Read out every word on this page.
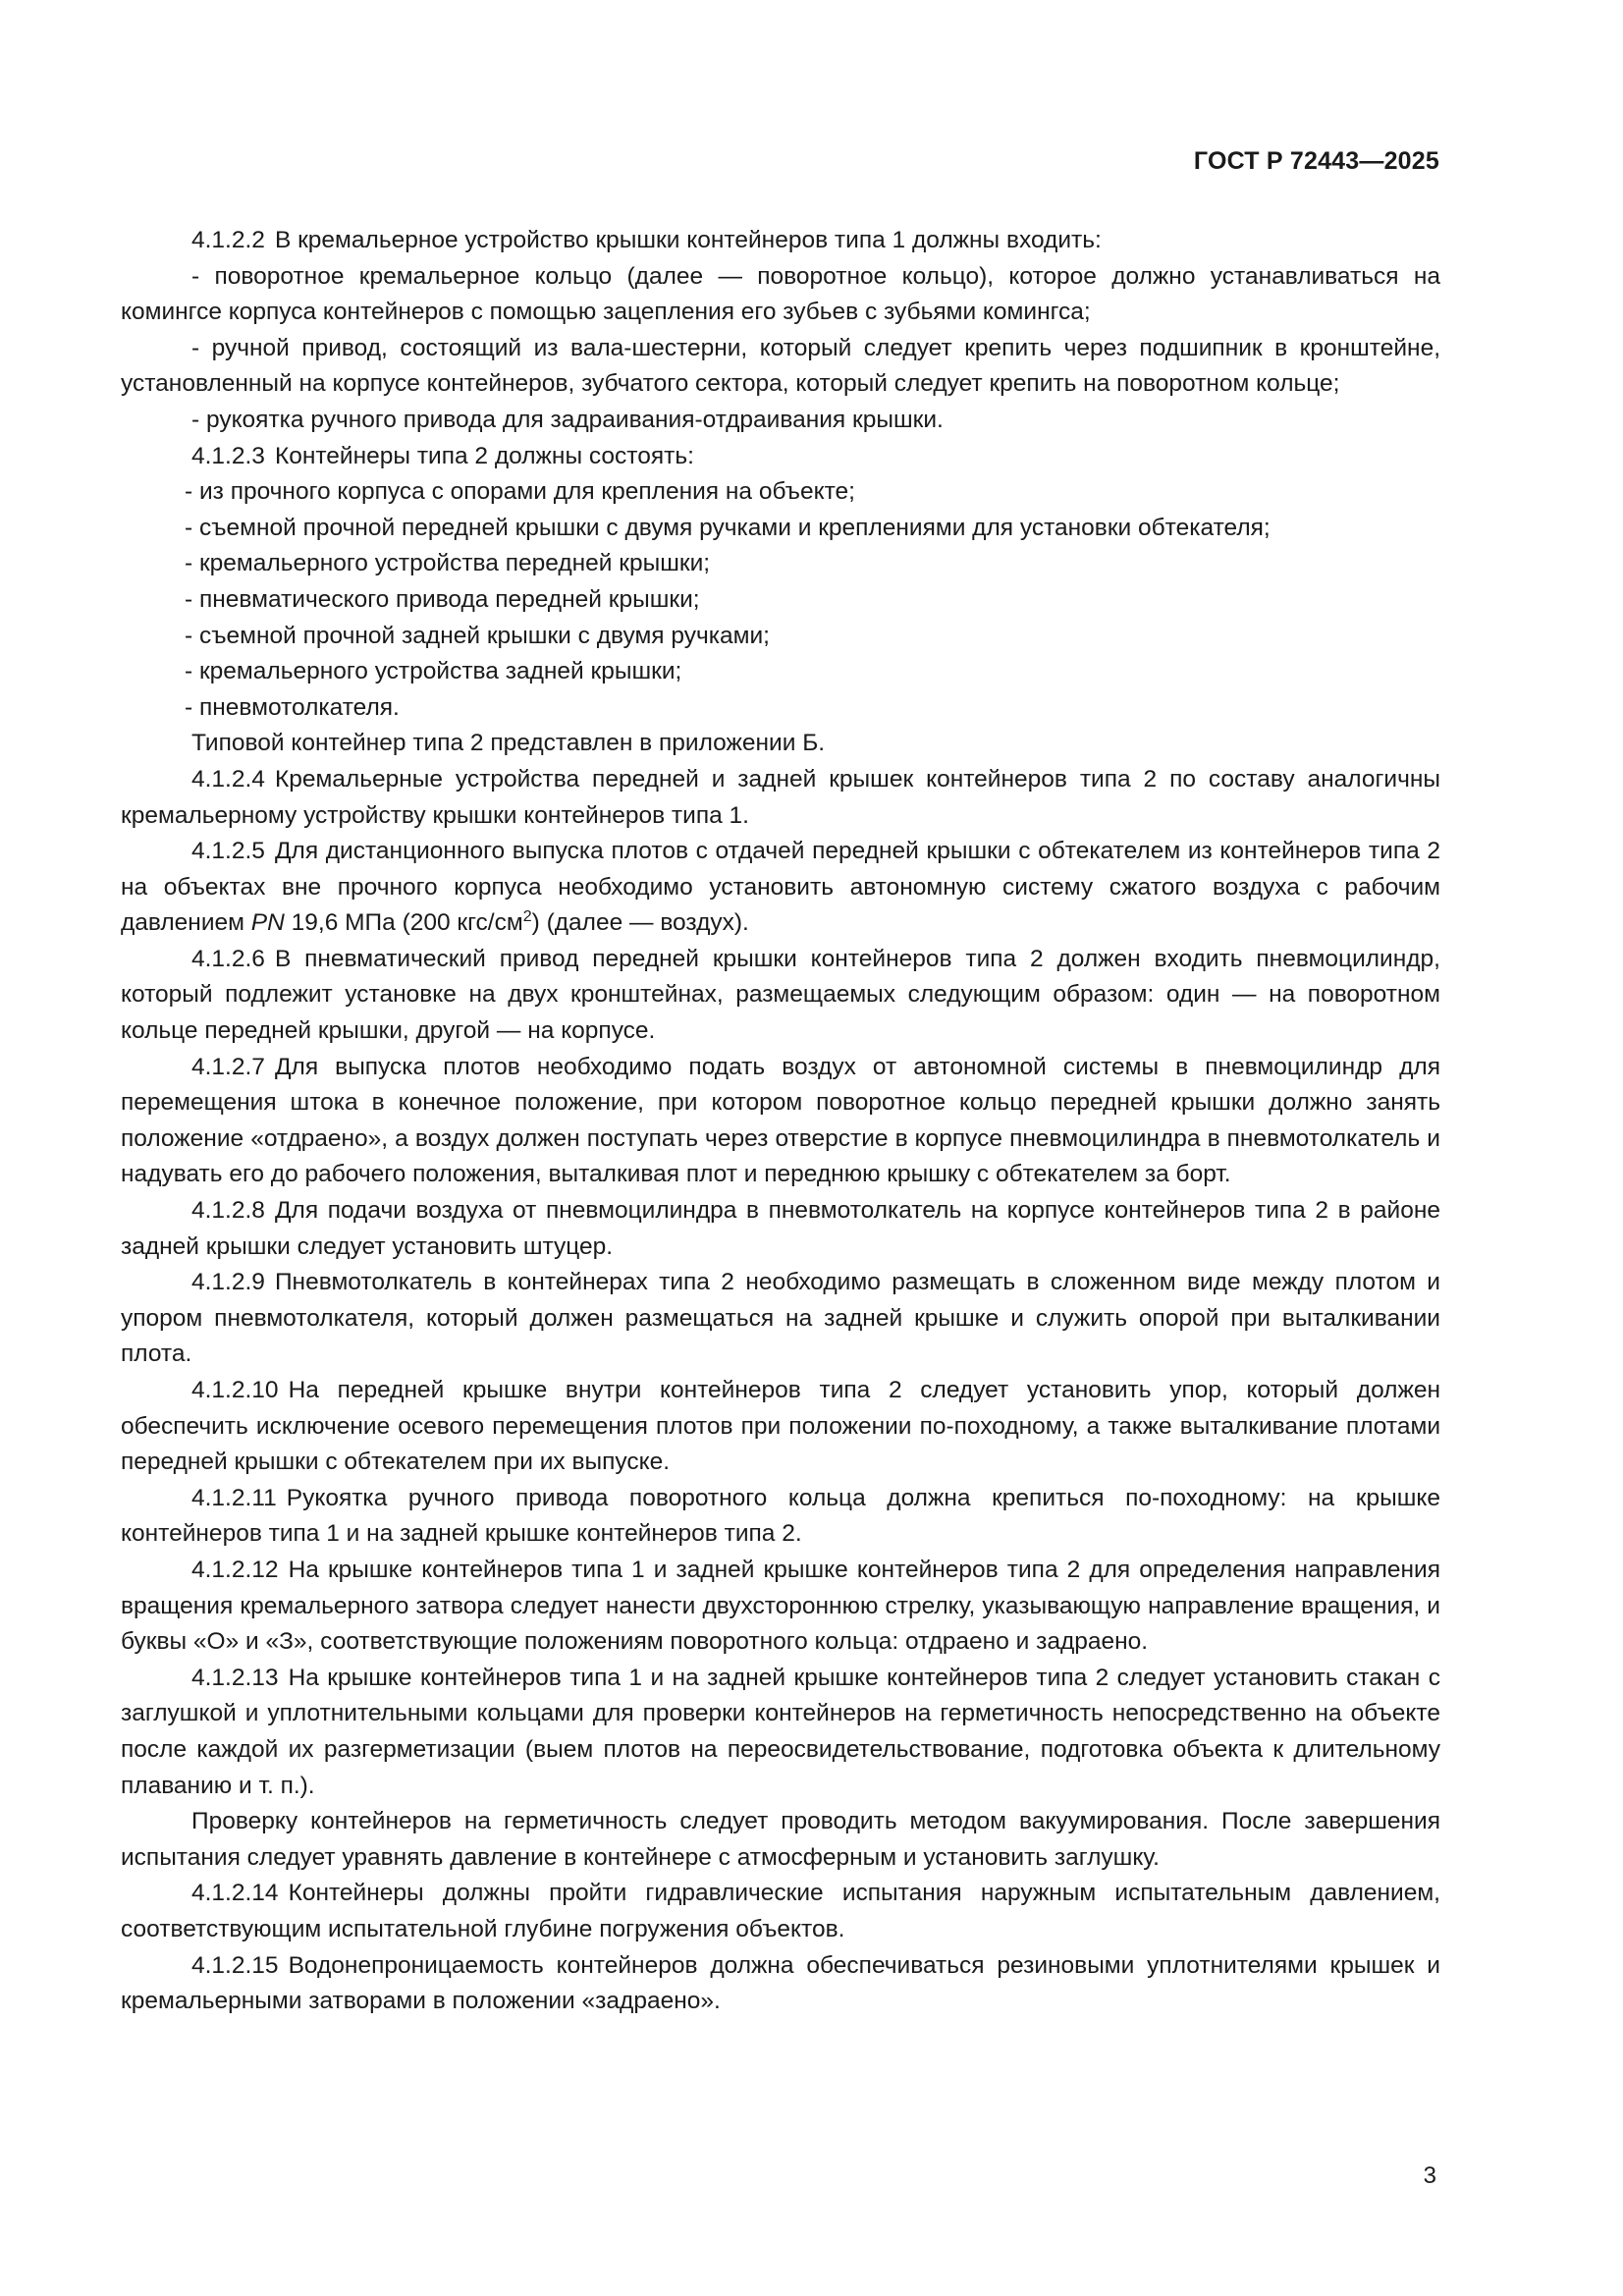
ГОСТ Р 72443—2025

4.1.2.2 В кремальерное устройство крышки контейнеров типа 1 должны входить:

- поворотное кремальерное кольцо (далее — поворотное кольцо), которое должно устанавливаться на комингсе корпуса контейнеров с помощью зацепления его зубьев с зубьями комингса;

- ручной привод, состоящий из вала-шестерни, который следует крепить через подшипник в кронштейне, установленный на корпусе контейнеров, зубчатого сектора, который следует крепить на поворотном кольце;

- рукоятка ручного привода для задраивания-отдраивания крышки.

4.1.2.3 Контейнеры типа 2 должны состоять:

- из прочного корпуса с опорами для крепления на объекте;

- съемной прочной передней крышки с двумя ручками и креплениями для установки обтекателя;

- кремальерного устройства передней крышки;

- пневматического привода передней крышки;

- съемной прочной задней крышки с двумя ручками;

- кремальерного устройства задней крышки;

- пневмотолкателя.

Типовой контейнер типа 2 представлен в приложении Б.

4.1.2.4 Кремальерные устройства передней и задней крышек контейнеров типа 2 по составу аналогичны кремальерному устройству крышки контейнеров типа 1.

4.1.2.5 Для дистанционного выпуска плотов с отдачей передней крышки с обтекателем из контейнеров типа 2 на объектах вне прочного корпуса необходимо установить автономную систему сжатого воздуха с рабочим давлением PN 19,6 МПа (200 кгс/$см^2$) (далее — воздух).

4.1.2.6 В пневматический привод передней крышки контейнеров типа 2 должен входить пневмоцилиндр, который подлежит установке на двух кронштейнах, размещаемых следующим образом: один — на поворотном кольце передней крышки, другой — на корпусе.

4.1.2.7 Для выпуска плотов необходимо подать воздух от автономной системы в пневмоцилиндр для перемещения штока в конечное положение, при котором поворотное кольцо передней крышки должно занять положение «отдраено», а воздух должен поступать через отверстие в корпусе пневмоцилиндра в пневмотолкатель и надувать его до рабочего положения, выталкивая плот и переднюю крышку с обтекателем за борт.

4.1.2.8 Для подачи воздуха от пневмоцилиндра в пневмотолкатель на корпусе контейнеров типа 2 в районе задней крышки следует установить штуцер.

4.1.2.9 Пневмотолкатель в контейнерах типа 2 необходимо размещать в сложенном виде между плотом и упором пневмотолкателя, который должен размещаться на задней крышке и служить опорой при выталкивании плота.

4.1.2.10 На передней крышке внутри контейнеров типа 2 следует установить упор, который должен обеспечить исключение осевого перемещения плотов при положении по-походному, а также выталкивание плотами передней крышки с обтекателем при их выпуске.

4.1.2.11 Рукоятка ручного привода поворотного кольца должна крепиться по-походному: на крышке контейнеров типа 1 и на задней крышке контейнеров типа 2.

4.1.2.12 На крышке контейнеров типа 1 и задней крышке контейнеров типа 2 для определения направления вращения кремальерного затвора следует нанести двухстороннюю стрелку, указывающую направление вращения, и буквы «О» и «З», соответствующие положениям поворотного кольца: отдраено и задраено.

4.1.2.13 На крышке контейнеров типа 1 и на задней крышке контейнеров типа 2 следует установить стакан с заглушкой и уплотнительными кольцами для проверки контейнеров на герметичность непосредственно на объекте после каждой их разгерметизации (выем плотов на переосвидетельствование, подготовка объекта к длительному плаванию и т. п.).

Проверку контейнеров на герметичность следует проводить методом вакуумирования. После завершения испытания следует уравнять давление в контейнере с атмосферным и установить заглушку.

4.1.2.14 Контейнеры должны пройти гидравлические испытания наружным испытательным давлением, соответствующим испытательной глубине погружения объектов.

4.1.2.15 Водонепроницаемость контейнеров должна обеспечиваться резиновыми уплотнителями крышек и кремальерными затворами в положении «задраено».

3
